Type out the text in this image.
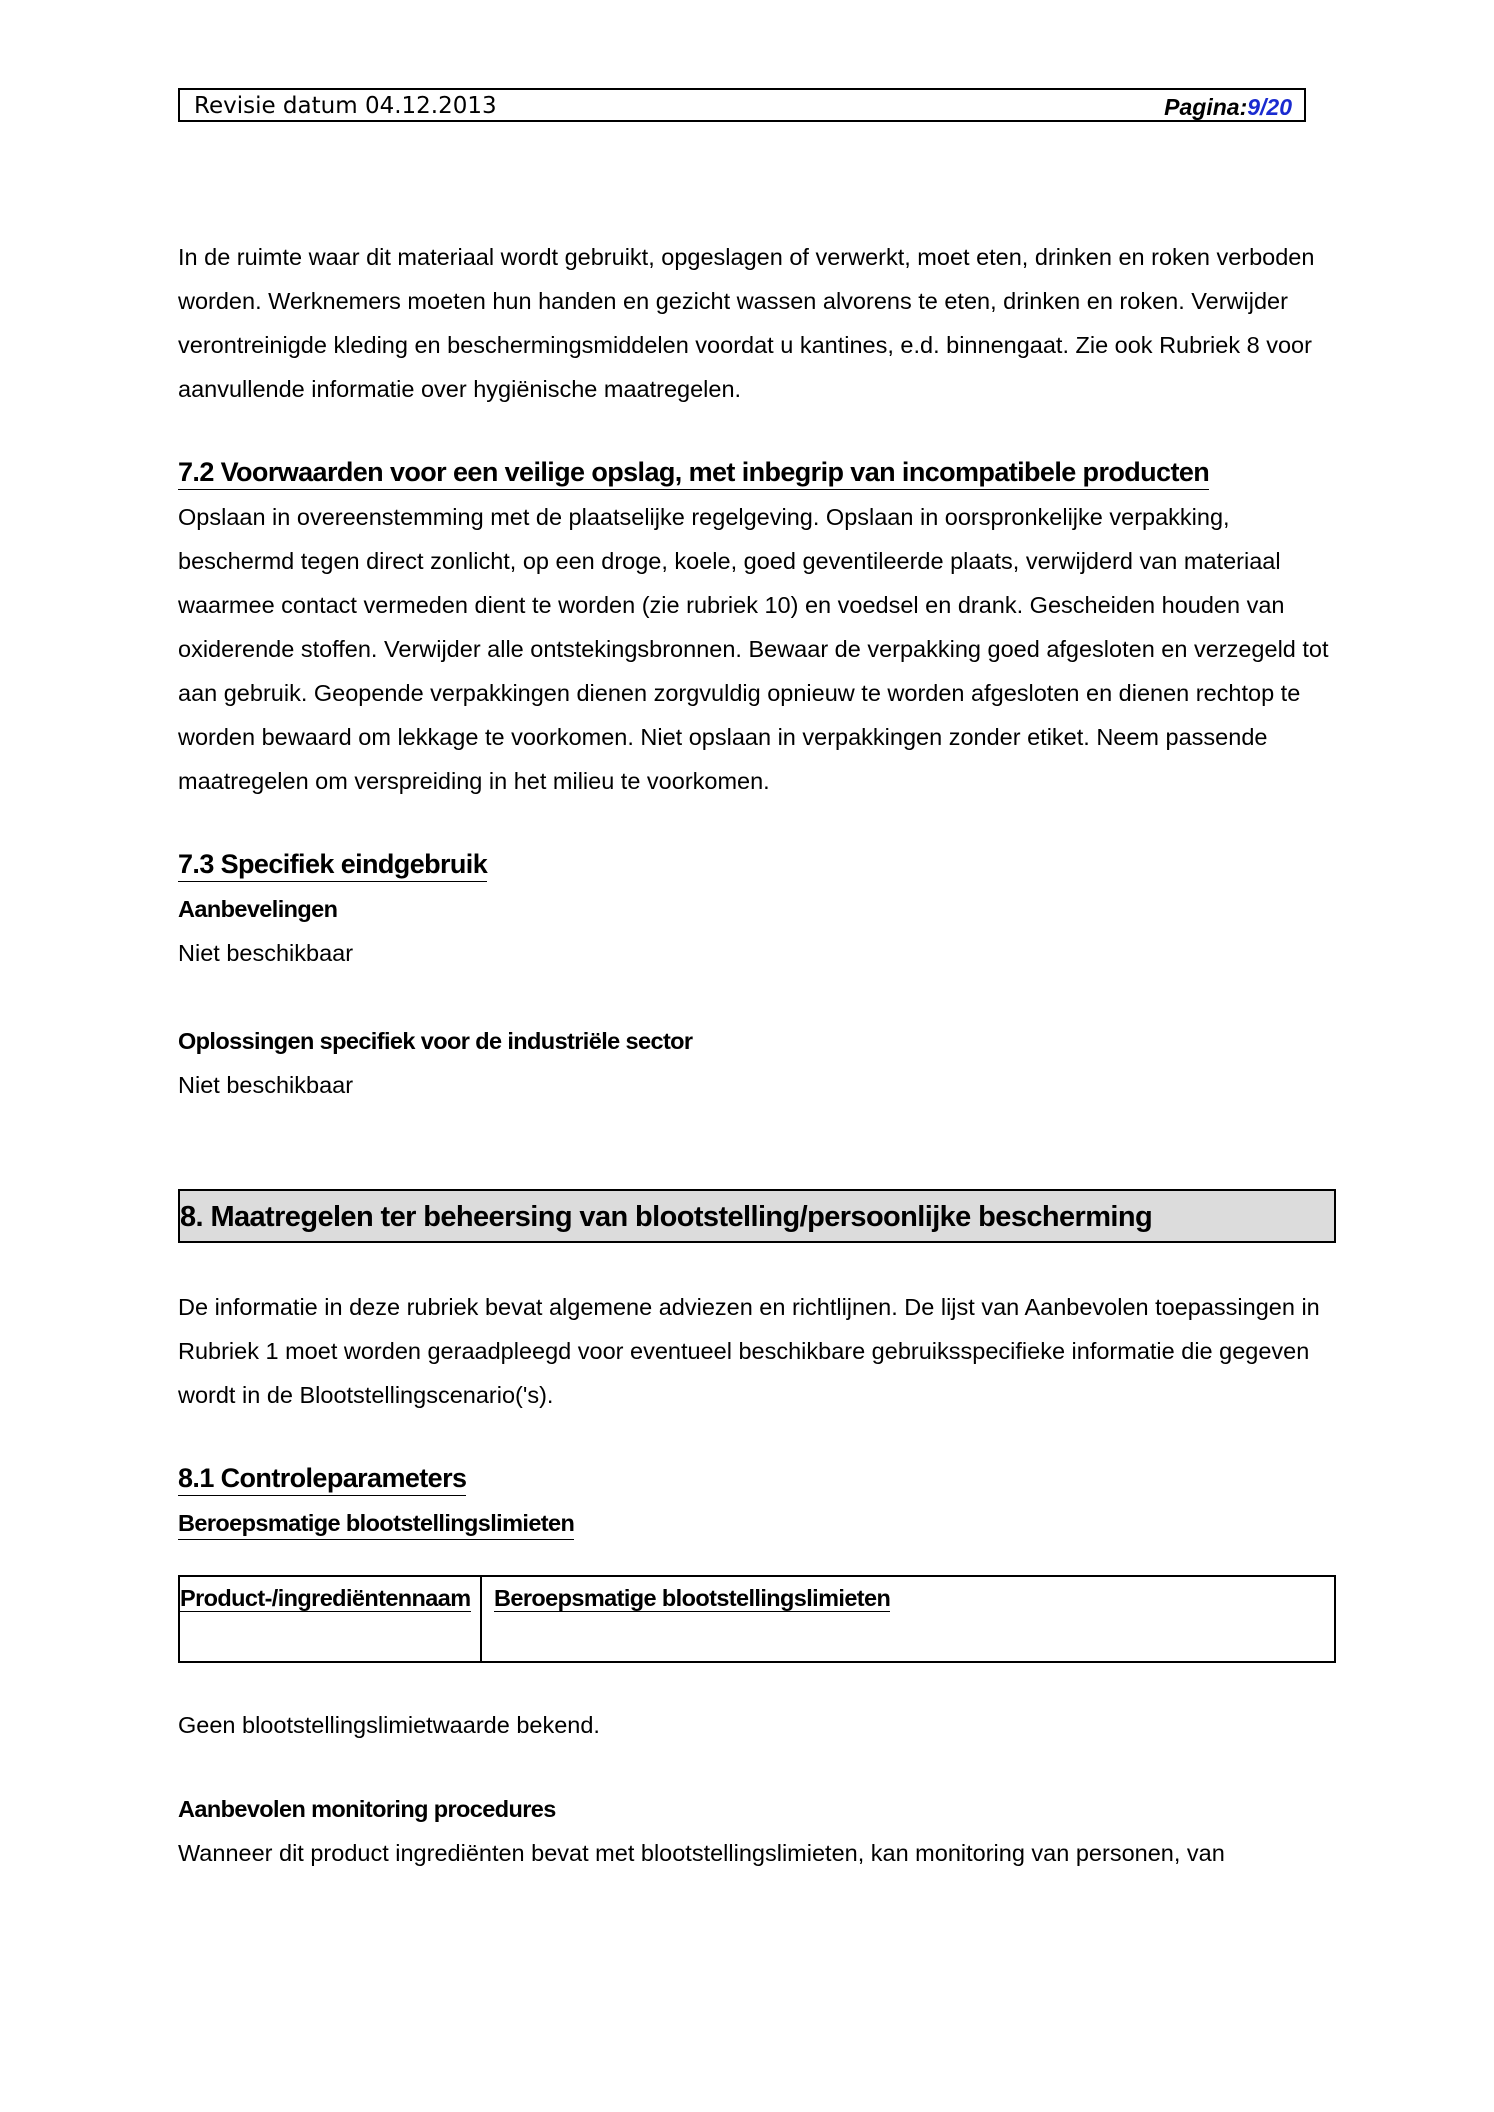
Revisie datum 04.12.2013	Pagina:9/20

In de ruimte waar dit materiaal wordt gebruikt, opgeslagen of verwerkt, moet eten, drinken en roken verboden worden. Werknemers moeten hun handen en gezicht wassen alvorens te eten, drinken en roken. Verwijder verontreinigde kleding en beschermingsmiddelen voordat u kantines, e.d. binnengaat. Zie ook Rubriek 8 voor aanvullende informatie over hygiënische maatregelen.

7.2 Voorwaarden voor een veilige opslag, met inbegrip van incompatibele producten

Opslaan in overeenstemming met de plaatselijke regelgeving. Opslaan in oorspronkelijke verpakking, beschermd tegen direct zonlicht, op een droge, koele, goed geventileerde plaats, verwijderd van materiaal waarmee contact vermeden dient te worden (zie rubriek 10) en voedsel en drank. Gescheiden houden van oxiderende stoffen. Verwijder alle ontstekingsbronnen. Bewaar de verpakking goed afgesloten en verzegeld tot aan gebruik. Geopende verpakkingen dienen zorgvuldig opnieuw te worden afgesloten en dienen rechtop te worden bewaard om lekkage te voorkomen. Niet opslaan in verpakkingen zonder etiket. Neem passende maatregelen om verspreiding in het milieu te voorkomen.

7.3 Specifiek eindgebruik

Aanbevelingen

Niet beschikbaar

Oplossingen specifiek voor de industriële sector

Niet beschikbaar

8. Maatregelen ter beheersing van blootstelling/persoonlijke bescherming

De informatie in deze rubriek bevat algemene adviezen en richtlijnen. De lijst van Aanbevolen toepassingen in Rubriek 1 moet worden geraadpleegd voor eventueel beschikbare gebruiksspecifieke informatie die gegeven wordt in de Blootstellingscenario('s).

8.1 Controleparameters

Beroepsmatige blootstellingslimieten

Product-/ingrediëntennaam	Beroepsmatige blootstellingslimieten

Geen blootstellingslimietwaarde bekend.

Aanbevolen monitoring procedures

Wanneer dit product ingrediënten bevat met blootstellingslimieten, kan monitoring van personen, van
